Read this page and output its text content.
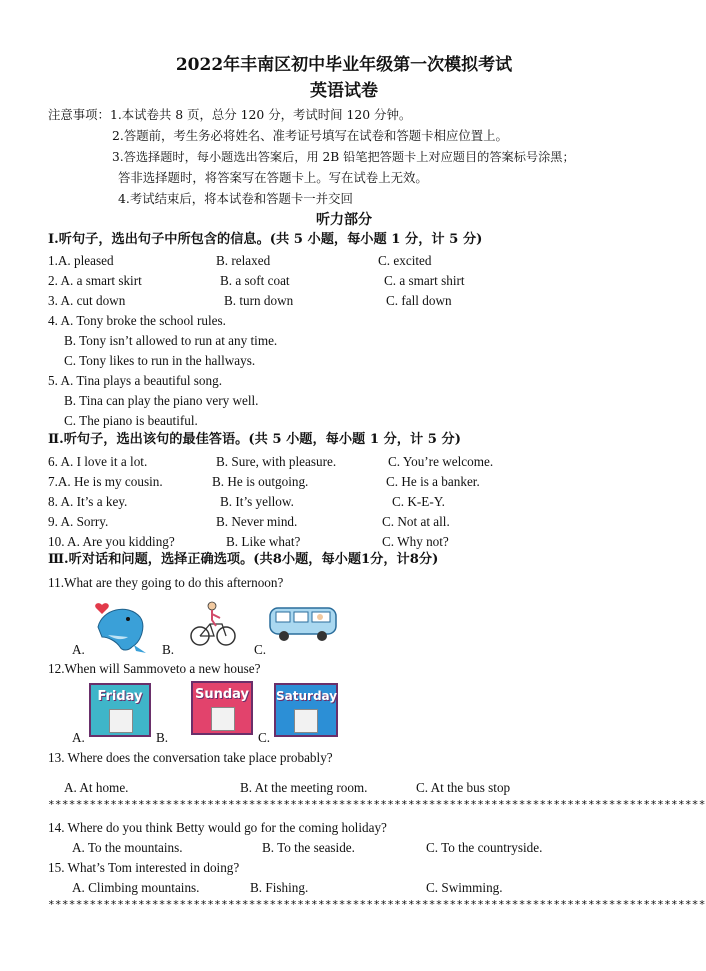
2022年丰南区初中毕业年级第一次模拟考试
英语试卷
注意事项：1.本试卷共 8 页，总分 120 分，考试时间 120 分钟。
2.答题前，考生务必将姓名、准考证号填写在试卷和答题卡相应位置上。
3.答选择题时，每小题选出答案后，用 2B 铅笔把答题卡上对应题目的答案标号涂黑；
答非选择题时，将答案写在答题卡上。写在试卷上无效。
4.考试结束后，将本试卷和答题卡一并交回
听力部分
Ⅰ.听句子，选出句子中所包含的信息。(共 5 小题，每小题 1 分，计 5 分)
1.A. pleased	B. relaxed	C. excited
2. A. a smart skirt	B. a soft coat	C. a smart shirt
3. A. cut down	B. turn down	C. fall down
4. A. Tony broke the school rules.
B. Tony isn’t allowed to run at any time.
C. Tony likes to run in the hallways.
5. A. Tina plays a beautiful song.
B. Tina can play the piano very well.
C. The piano is beautiful.
Ⅱ.听句子，选出该句的最佳答语。(共 5 小题，每小题 1 分，计 5 分)
6. A. I love it a lot.	B. Sure, with pleasure.	C. You’re welcome.
7.A. He is my cousin.	B. He is outgoing.	C. He is a banker.
8. A. It’s a key.	B. It’s yellow.	C. K-E-Y.
9. A. Sorry.	B. Never mind.	C. Not at all.
10. A. Are you kidding?	B. Like what?	C. Why not?
Ⅲ.听对话和问题，选择正确选项。(共8小题，每小题1分，计8分)
11.What are they going to do this afternoon?
A.	B.	C.
12.When will Sammoveto a new house?
Friday	Sunday Saturday
A.	B.	C.
13. Where does the conversation take place probably?
A. At home.	B. At the meeting room.	C. At the bus stop
***********************************************************************************************
14. Where do you think Betty would go for the coming holiday?
A. To the mountains.	B. To the seaside.	C. To the countryside.
15. What’s Tom interested in doing?
A. Climbing mountains.	B. Fishing.	C. Swimming.
***********************************************************************************************
